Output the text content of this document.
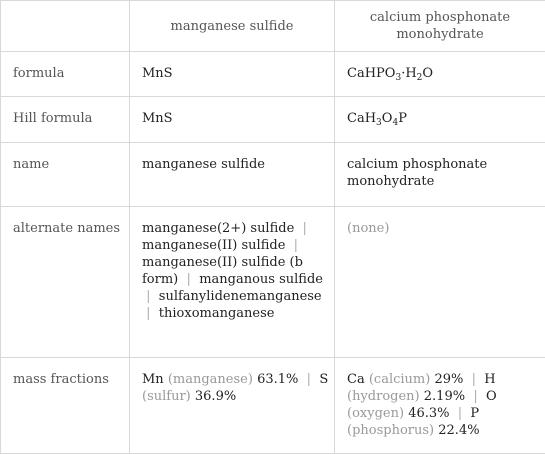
	manganese sulfide	calcium phosphonate monohydrate
formula	MnS	$CaHPO_3\cdot H_2O$
Hill formula	MnS	$CaH_3O_4P$
name	manganese sulfide	calcium phosphonate monohydrate
alternate names	manganese(2+) sulfide |  manganese(II) sulfide |  manganese(II) sulfide (b form) | manganous sulfide  | sulfanylidenemanganese  | thioxomanganese	(none)
mass fractions	Mn (manganese) 63.1% | S (sulfur) 36.9%	Ca (calcium) 29% | H (hydrogen) 2.19% | O (oxygen) 46.3% | P (phosphorus) 22.4%
